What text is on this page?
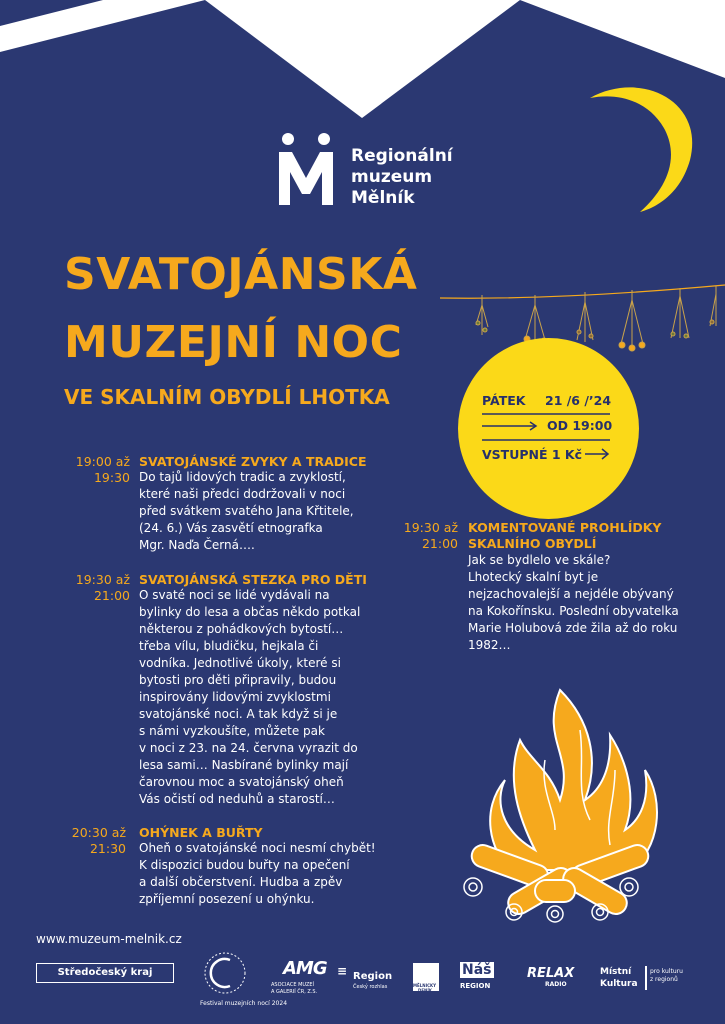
Regionální
muzeum
Mělník
SVATOJÁNSKÁ
MUZEJNÍ NOC
VE SKALNÍM OBYDLÍ LHOTKA	PÁTEK 21 /6 /’24
OD 19:00
VSTUPNÉ 1 Kč
19:00 až
19:30
SVATOJÁNSKÉ ZVYKY A TRADICE
Do tajů lidových tradic a zvyklostí,
které naši předci dodržovali v noci
před svátkem svatého Jana Křtitele,
(24. 6.) Vás zasvětí etnografka
Mgr. Naďa Černá….
19:30 až
21:00
SVATOJÁNSKÁ STEZKA PRO DĚTI
O svaté noci se lidé vydávali na
bylinky do lesa a občas někdo potkal
některou z pohádkových bytostí…
třeba vílu, bludičku, hejkala či
vodníka. Jednotlivé úkoly, které si
bytosti pro děti připravily, budou
inspirovány lidovými zvyklostmi
svatojánské noci. A tak když si je
s námi vyzkoušíte, můžete pak
v noci z 23. na 24. června vyrazit do
lesa sami… Nasbírané bylinky mají
čarovnou moc a svatojánský oheň
Vás očistí od neduhů a starostí…
20:30 až
21:30
OHÝNEK A BUŘTY
Oheň o svatojánské noci nesmí chybět!
K dispozici budou buřty na opečení
a další občerstvení. Hudba a zpěv
zpříjemní posezení u ohýnku.
19:30 až
21:00
KOMENTOVANÉ PROHLÍDKY
SKALNÍHO OBYDLÍ
Jak se bydlelo ve skále?
Lhotecký skalní byt je
nejzachovalejší a nejdéle obývaný
na Kokořínsku. Poslední obyvatelka
Marie Holubová zde žila až do roku
1982…
www.muzeum-melnik.cz
Středočeský kraj
Festival muzejních nocí 2024
AMG
ASOCIACE MUZEÍ
A GALERIÍ ČR, Z.S.
≡ Region
Český rozhlas	MĚLNICKÝ
DENÍK
Náš
REGION
RELAX
RADIO
Místní
Kultura
pro kulturu
z regionů
